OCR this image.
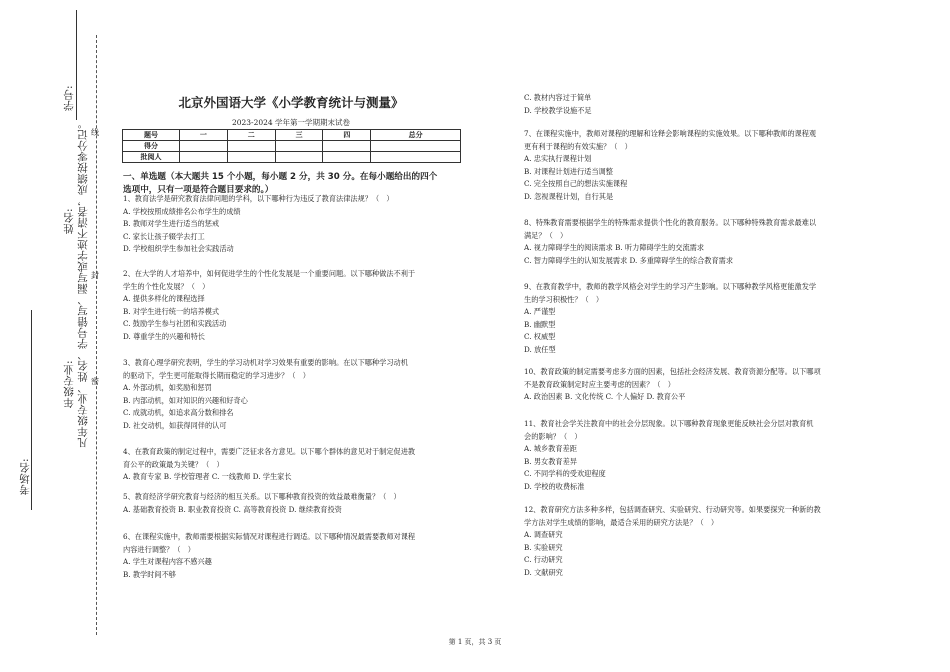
学号:
姓名:
年级专业:
考场名:
凡年级专业、姓名、学号错写、漏写或字迹不清者，成绩按零分记。 线
封
密
北京外国语大学《小学教育统计与测量》
2023-2024 学年第一学期期末试卷
题号	一	二	三	四	总分
得分					
批阅人					
一、单选题（本大题共 15 个小题，每小题 2 分，共 30 分。在每小题给出的四个
选项中，只有一项是符合题目要求的。）
1、教育法学是研究教育法律问题的学科，以下哪种行为违反了教育法律法规？（　）
A. 学校按照成绩排名公布学生的成绩
B. 教师对学生进行适当的惩戒
C. 家长让孩子辍学去打工
D. 学校组织学生参加社会实践活动
2、在大学的人才培养中，如何促进学生的个性化发展是一个重要问题。以下哪种做法不利于
学生的个性化发展？（　）
A. 提供多样化的课程选择
B. 对学生进行统一的培养模式
C. 鼓励学生参与社团和实践活动
D. 尊重学生的兴趣和特长
3、教育心理学研究表明，学生的学习动机对学习效果有重要的影响。在以下哪种学习动机
的驱动下，学生更可能取得长期而稳定的学习进步？（　）
A. 外部动机，如奖励和惩罚
B. 内部动机，如对知识的兴趣和好奇心
C. 成就动机，如追求高分数和排名
D. 社交动机，如获得同伴的认可
4、在教育政策的制定过程中，需要广泛征求各方意见。以下哪个群体的意见对于制定促进教
育公平的政策最为关键？（　）
A. 教育专家 B. 学校管理者 C. 一线教师 D. 学生家长
5、教育经济学研究教育与经济的相互关系。以下哪种教育投资的效益最难衡量？（　）
A. 基础教育投资 B. 职业教育投资 C. 高等教育投资 D. 继续教育投资
6、在课程实施中，教师需要根据实际情况对课程进行调适。以下哪种情况最需要教师对课程
内容进行调整？（　）
A. 学生对课程内容不感兴趣
B. 教学时间不够
C. 教材内容过于简单
D. 学校教学设施不足
7、在课程实施中，教师对课程的理解和诠释会影响课程的实施效果。以下哪种教师的课程观
更有利于课程的有效实施？（　）
A. 忠实执行课程计划
B. 对课程计划进行适当调整
C. 完全按照自己的想法实施课程
D. 忽视课程计划，自行其是
8、特殊教育需要根据学生的特殊需求提供个性化的教育服务。以下哪种特殊教育需求最难以
满足？（　）
A. 视力障碍学生的阅读需求 B. 听力障碍学生的交流需求
C. 智力障碍学生的认知发展需求 D. 多重障碍学生的综合教育需求
9、在教育教学中，教师的教学风格会对学生的学习产生影响。以下哪种教学风格更能激发学
生的学习积极性？（　）
A. 严谨型
B. 幽默型
C. 权威型
D. 放任型
10、教育政策的制定需要考虑多方面的因素，包括社会经济发展、教育资源分配等。以下哪项
不是教育政策制定时应主要考虑的因素？（　）
A. 政治因素 B. 文化传统 C. 个人偏好 D. 教育公平
11、教育社会学关注教育中的社会分层现象。以下哪种教育现象更能反映社会分层对教育机
会的影响？（　）
A. 城乡教育差距
B. 男女教育差异
C. 不同学科的受欢迎程度
D. 学校的收费标准
12、教育研究方法多种多样，包括调查研究、实验研究、行动研究等。如果要探究一种新的教
学方法对学生成绩的影响，最适合采用的研究方法是？（　）
A. 调查研究
B. 实验研究
C. 行动研究
D. 文献研究
第 1 页，共 3 页
